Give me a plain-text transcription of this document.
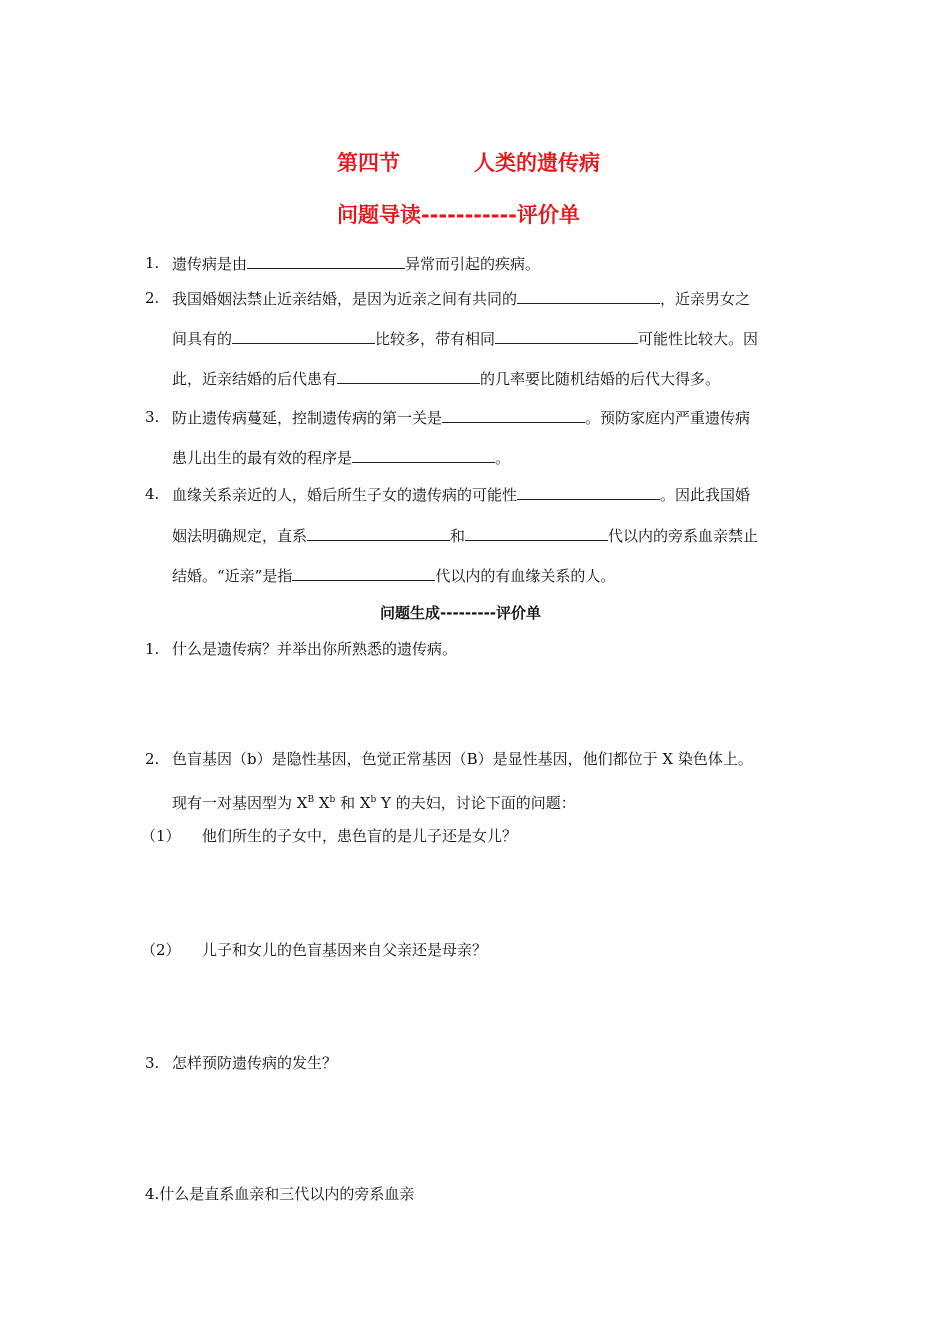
第四节	人类的遗传病
问题导读-----------评价单
1. 遗传病是由	异常而引起的疾病。
2. 我国婚姻法禁止近亲结婚，是因为近亲之间有共同的	，近亲男女之
间具有的	比较多，带有相同	可能性比较大。因
此，近亲结婚的后代患有	的几率要比随机结婚的后代大得多。
3. 防止遗传病蔓延，控制遗传病的第一关是	。预防家庭内严重遗传病
患儿出生的最有效的程序是	。
4. 血缘关系亲近的人，婚后所生子女的遗传病的可能性	。因此我国婚
姻法明确规定，直系	和	代以内的旁系血亲禁止
结婚。“近亲”是指	代以内的有血缘关系的人。
问题生成---------评价单
1. 什么是遗传病？并举出你所熟悉的遗传病。
2. 色盲基因（b）是隐性基因，色觉正常基因（B）是显性基因，他们都位于 X 染色体上。
现有一对基因型为 $X^B$ $X^b$ 和 $X^b$ Y 的夫妇，讨论下面的问题：
（1） 他们所生的子女中，患色盲的是儿子还是女儿？
（2） 儿子和女儿的色盲基因来自父亲还是母亲？
3. 怎样预防遗传病的发生？
4.什么是直系血亲和三代以内的旁系血亲
